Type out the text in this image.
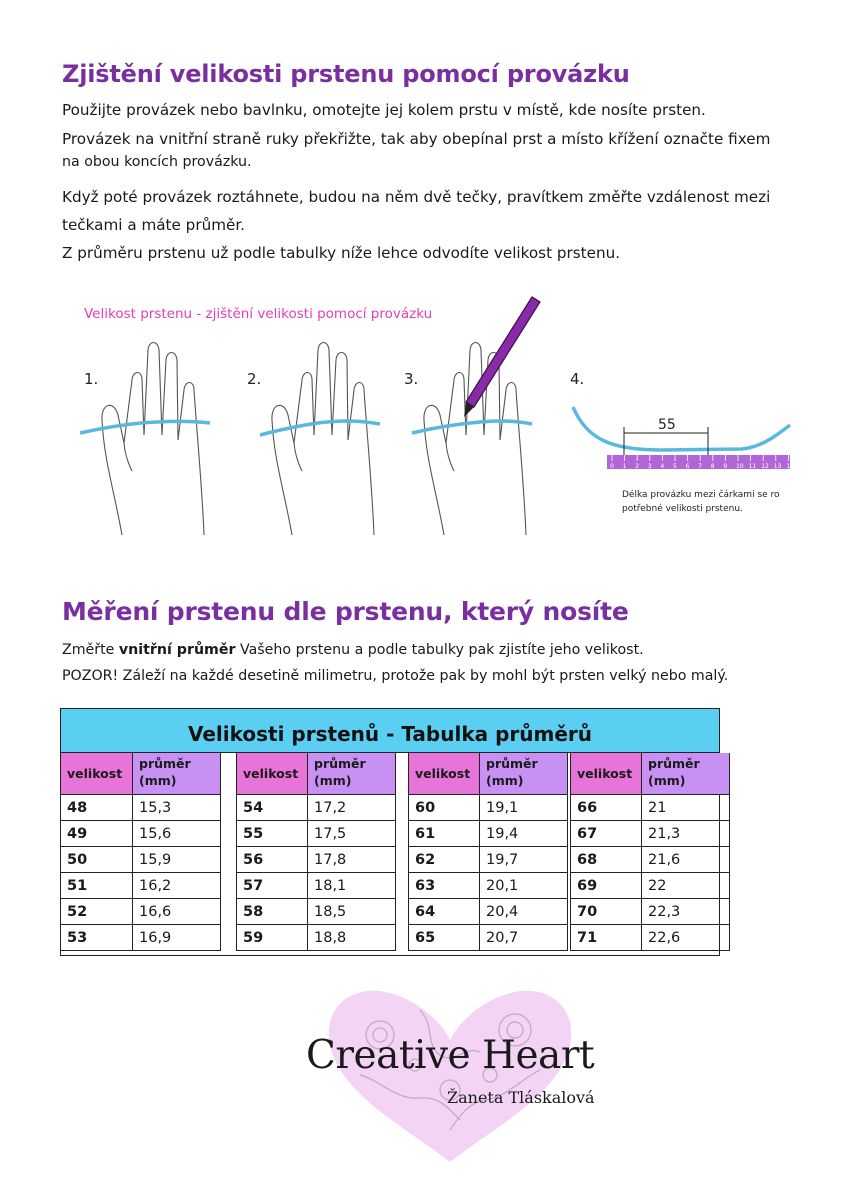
Zjištění velikosti prstenu pomocí provázku

Použijte provázek nebo bavlnku, omotejte jej kolem prstu v místě, kde nosíte prsten.

Provázek na vnitřní straně ruky překřižte, tak aby obepínal prst a místo křížení označte fixem

na obou koncích provázku.

Když poté provázek roztáhnete, budou na něm dvě tečky, pravítkem změřte vzdálenost mezi

tečkami a máte průměr.

Z průměru prstenu už podle tabulky níže lehce odvodíte velikost prstenu.

Velikost prstenu - zjištění velikosti pomocí provázku
1.	2.	3.	4.
55
0 1 2 3 4 5 6 7 8 9 10 11 12 13 14
Délka provázku mezi čárkami se ro
potřebné velikosti prstenu.
Měření prstenu dle prstenu, který nosíte

Změřte vnitřní průměr Vašeho prstenu a podle tabulky pak zjistíte jeho velikost.

POZOR! Záleží na každé desetině milimetru, protože pak by mohl být prsten velký nebo malý.

Velikosti prstenů - Tabulka průměrů
velikost
průměr
(mm)
48	15,3
49	15,6
50	15,9
51	16,2
52	16,6
53	16,9
velikost
průměr
(mm)
54	17,2
55	17,5
56	17,8
57	18,1
58	18,5
59	18,8
velikost
průměr
(mm)
60	19,1
61	19,4
62	19,7
63	20,1
64	20,4
65	20,7
velikost
průměr
(mm)
66	21
67	21,3
68	21,6
69	22
70	22,3
71	22,6
Creative Heart
Žaneta Tláskalová
